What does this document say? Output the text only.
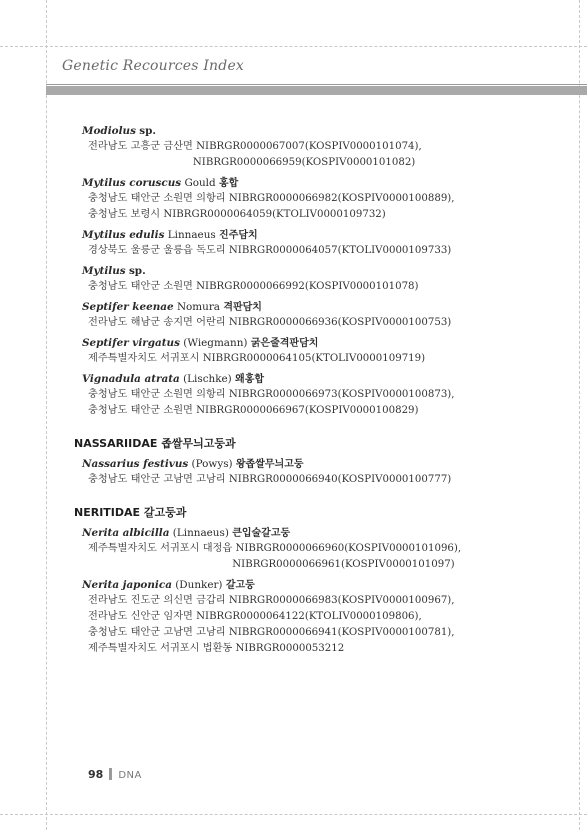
Genetic Recources Index
Modiolus sp.
전라남도 고흥군 금산면 NIBRGR0000067007(KOSPIV0000101074),
NIBRGR0000066959(KOSPIV0000101082)
Mytilus coruscus Gould 홍합
충청남도 태안군 소원면 의항리 NIBRGR0000066982(KOSPIV0000100889),
충청남도 보령시 NIBRGR0000064059(KTOLIV0000109732)
Mytilus edulis Linnaeus 진주담치
경상북도 울릉군 울릉읍 독도리 NIBRGR0000064057(KTOLIV0000109733)
Mytilus sp.
충청남도 태안군 소원면 NIBRGR0000066992(KOSPIV0000101078)
Septifer keenae Nomura 격판담치
전라남도 해남군 송지면 어란리 NIBRGR0000066936(KOSPIV0000100753)
Septifer virgatus (Wiegmann) 굵은줄격판담치
제주특별자치도 서귀포시 NIBRGR0000064105(KTOLIV0000109719)
Vignadula atrata (Lischke) 왜홍합
충청남도 태안군 소원면 의항리 NIBRGR0000066973(KOSPIV0000100873),
충청남도 태안군 소원면 NIBRGR0000066967(KOSPIV0000100829)
NASSARIIDAE 좁쌀무늬고둥과
Nassarius festivus (Powys) 왕좁쌀무늬고둥
충청남도 태안군 고남면 고남리 NIBRGR0000066940(KOSPIV0000100777)
NERITIDAE 갈고둥과
Nerita albicilla (Linnaeus) 큰입술갈고둥
제주특별자치도 서귀포시 대정읍 NIBRGR0000066960(KOSPIV0000101096),
NIBRGR0000066961(KOSPIV0000101097)
Nerita japonica (Dunker) 갈고둥
전라남도 진도군 의신면 금갑리 NIBRGR0000066983(KOSPIV0000100967),
전라남도 신안군 임자면 NIBRGR0000064122(KTOLIV0000109806),
충청남도 태안군 고남면 고남리 NIBRGR0000066941(KOSPIV0000100781),
제주특별자치도 서귀포시 법환동 NIBRGR0000053212
98 DNA
